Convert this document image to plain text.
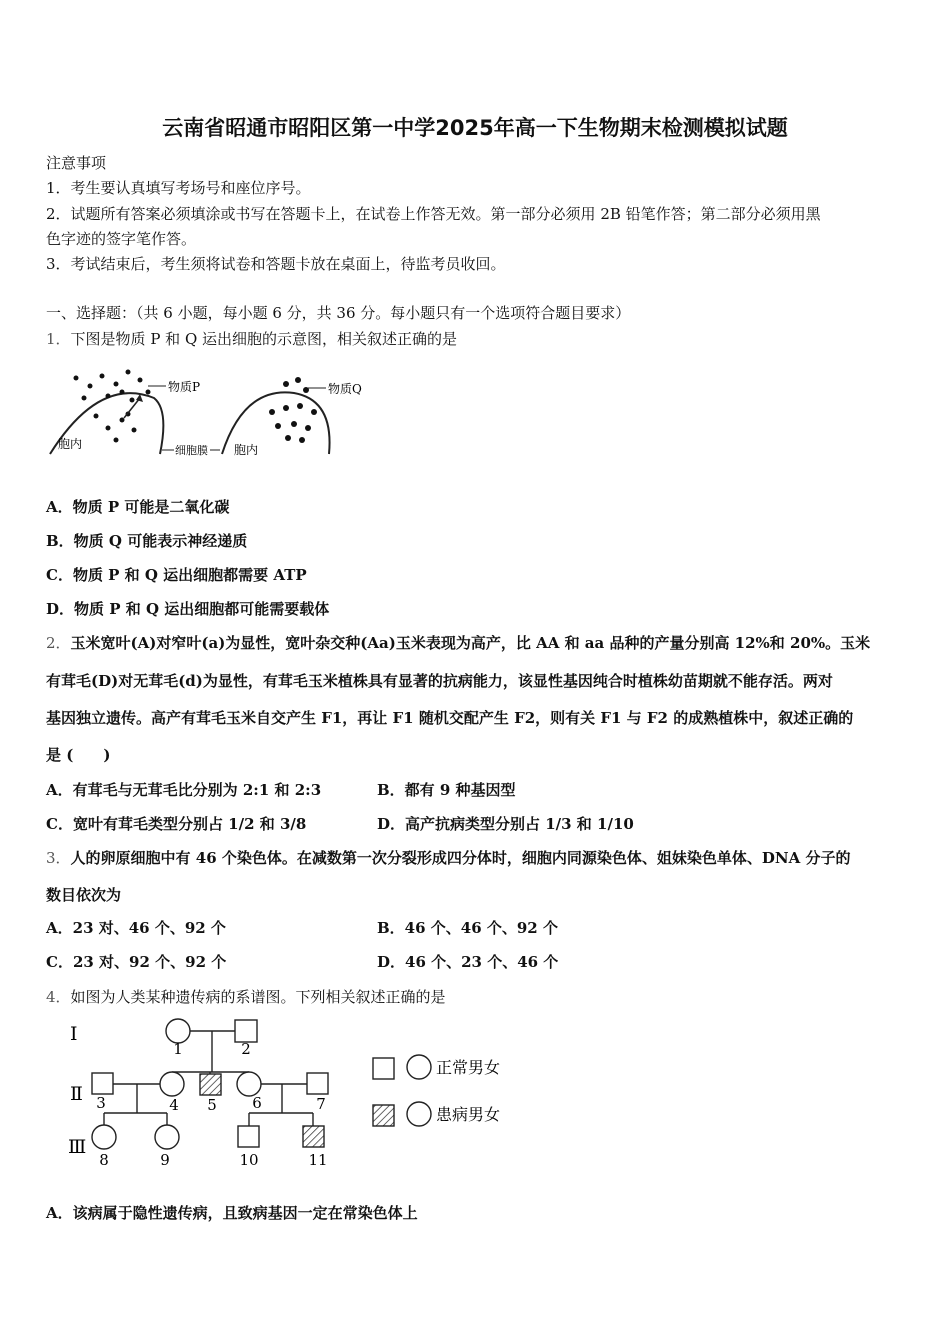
云南省昭通市昭阳区第一中学2025年高一下生物期末检测模拟试题
注意事项
1．考生要认真填写考场号和座位序号。
2．试题所有答案必须填涂或书写在答题卡上，在试卷上作答无效。第一部分必须用 2B 铅笔作答；第二部分必须用黑
色字迹的签字笔作答。
3．考试结束后，考生须将试卷和答题卡放在桌面上，待监考员收回。
一、选择题：（共 6 小题，每小题 6 分，共 36 分。每小题只有一个选项符合题目要求）
1．下图是物质 P 和 Q 运出细胞的示意图，相关叙述正确的是
物质P	物质Q
胞内	胞内
细胞膜
A．物质 P 可能是二氧化碳
B．物质 Q 可能表示神经递质
C．物质 P 和 Q 运出细胞都需要 ATP
D．物质 P 和 Q 运出细胞都可能需要载体
2．玉米宽叶(A)对窄叶(a)为显性，宽叶杂交种(Aa)玉米表现为高产，比 AA 和 aa 品种的产量分别高 12%和 20%。玉米
有茸毛(D)对无茸毛(d)为显性，有茸毛玉米植株具有显著的抗病能力，该显性基因纯合时植株幼苗期就不能存活。两对
基因独立遗传。高产有茸毛玉米自交产生 F1，再让 F1 随机交配产生 F2，则有关 F1 与 F2 的成熟植株中，叙述正确的
是 (　　)
A．有茸毛与无茸毛比分别为 2:1 和 2:3	B．都有 9 种基因型
C．宽叶有茸毛类型分别占 1/2 和 3/8	D．高产抗病类型分别占 1/3 和 1/10
3．人的卵原细胞中有 46 个染色体。在减数第一次分裂形成四分体时，细胞内同源染色体、姐妹染色单体、DNA 分子的
数目依次为
A．23 对、46 个、92 个	B．46 个、46 个、92 个
C．23 对、92 个、92 个	D．46 个、23 个、46 个
4．如图为人类某种遗传病的系谱图。下列相关叙述正确的是
Ⅰ
Ⅱ
Ⅲ
1	2
3	4 5 6	7
8	9	10	11
正常男女
患病男女
A．该病属于隐性遗传病，且致病基因一定在常染色体上
